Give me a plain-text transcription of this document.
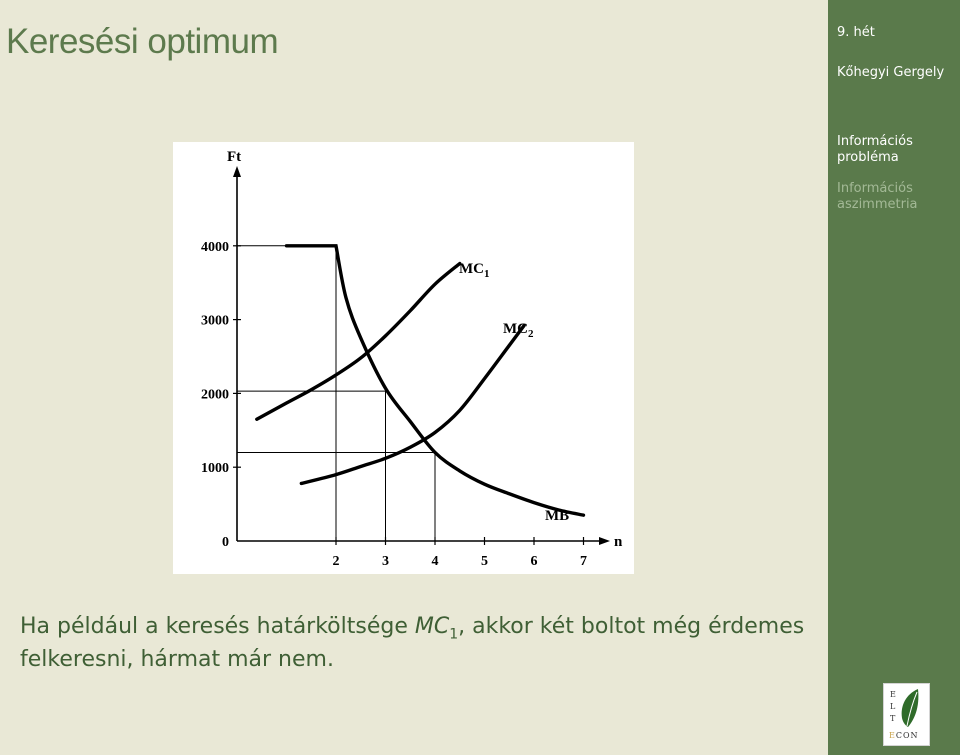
Keresési optimum
Ft
n
0
1000
2000
3000
4000
2	3	4	5	6	7
MB
$MC_1$
$MC_2$
Ha például a keresés határköltsége $MC_1$, akkor két boltot még érdemes felkeresni, hármat már nem.
9. hét
Kőhegyi Gergely
Információs probléma
Információs aszimmetria
E
L
T
ECON
